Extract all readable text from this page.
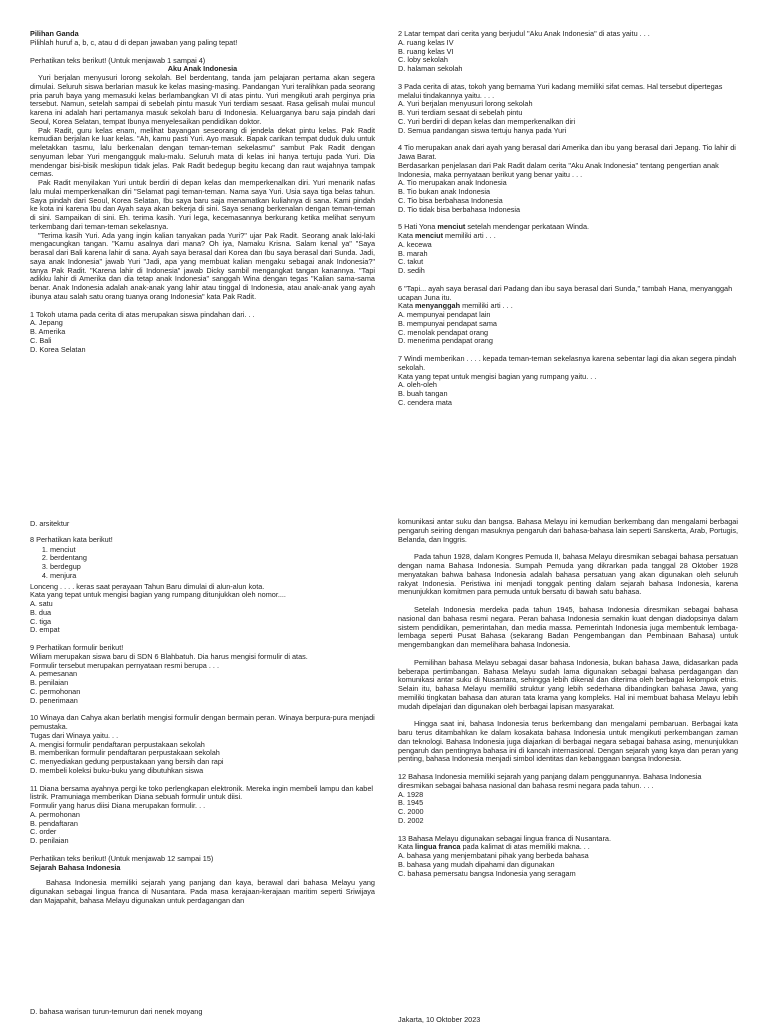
Pilihan Ganda

Pilihlah huruf a, b, c, atau d di depan jawaban yang paling tepat!

Perhatikan teks berikut! (Untuk menjawab 1 sampai 4)

Aku Anak Indonesia

Yuri berjalan menyusuri lorong sekolah. Bel berdentang, tanda jam pelajaran pertama akan segera dimulai. Seluruh siswa berlarian masuk ke kelas masing-masing. Pandangan Yuri teralihkan pada seorang pria paruh baya yang memasuki kelas berlambangkan VI di atas pintu. Yuri mengikuti arah perginya pria tersebut. Namun, setelah sampai di sebelah pintu masuk Yuri terdiam sesaat. Rasa gelisah mulai muncul karena ini adalah hari pertamanya masuk sekolah baru di Indonesia. Keluarganya baru saja pindah dari Seoul, Korea Selatan, tempat Ibunya menyelesaikan pendidikan doktor.

Pak Radit, guru kelas enam, melihat bayangan seseorang di jendela dekat pintu kelas. Pak Radit kemudian berjalan ke luar kelas. "Ah, kamu pasti Yuri. Ayo masuk. Bapak carikan tempat duduk dulu untuk meletakkan tasmu, lalu berkenalan dengan teman-teman sekelasmu" sambut Pak Radit dengan senyuman lebar Yuri mengangguk malu-malu. Seluruh mata di kelas ini hanya tertuju pada Yuri. Dia mendengar bisi-bisik meskipun tidak jelas. Pak Radit bedegup begitu kecang dan raut wajahnya tampak cemas.

Pak Radit menyilakan Yuri untuk berdiri di depan kelas dan memperkenalkan diri. Yuri menarik nafas lalu mulai memperkenalkan diri "Selamat pagi teman-teman. Nama saya Yuri. Usia saya tiga belas tahun. Saya pindah dari Seoul, Korea Selatan, Ibu saya baru saja menamatkan kuliahnya di sana. Kami pindah ke kota ini karena Ibu dan Ayah saya akan bekerja di sini. Saya senang berkenalan dengan teman-teman di sini. Sampaikan di sini. Eh. terima kasih. Yuri lega, kecemasannya berkurang ketika melihat senyum terkembang dari teman-teman sekelasnya.

"Terima kasih Yuri. Ada yang ingin kalian tanyakan pada Yuri?" ujar Pak Radit. Seorang anak laki-laki mengacungkan tangan. "Kamu asalnya dari mana? Oh iya, Namaku Krisna. Salam kenal ya" "Saya berasal dari Bali karena lahir di sana. Ayah saya berasal dari Korea dan Ibu saya berasal dari Sunda. Jadi, saya anak Indonesia" jawab Yuri "Jadi, apa yang membuat kalian mengaku sebagai anak Indonesia?" tanya Pak Radit. "Karena lahir di Indonesia" jawab Dicky sambil mengangkat tangan kanannya. "Tapi adikku lahir di Amerika dan dia tetap anak Indonesia" sanggah Wina dengan tegas "Kalian sama-sama benar. Anak Indonesia adalah anak-anak yang lahir atau tinggal di Indonesia, atau anak-anak yang ayah ibunya atau salah satu orang tuanya orang Indonesia" kata Pak Radit.

1 Tokoh utama pada cerita di atas merupakan siswa pindahan dari. . .

A. Jepang

B. Amerika

C. Bali

D. Korea Selatan

2 Latar tempat dari cerita yang berjudul "Aku Anak Indonesia" di atas yaitu . . .

A. ruang kelas IV

B. ruang kelas VI

C. loby sekolah

D. halaman sekolah

3 Pada cerita di atas, tokoh yang bernama Yuri kadang memiliki sifat cemas. Hal tersebut dipertegas melalui tindakannya yaitu. . . .

A. Yuri berjalan menyusuri lorong sekolah

B. Yuri terdiam sesaat di sebelah pintu

C. Yuri berdiri di depan kelas dan memperkenalkan diri

D. Semua pandangan siswa tertuju hanya pada Yuri

4 Tio merupakan anak dari ayah yang berasal dari Amerika dan ibu yang berasal dari Jepang. Tio lahir di Jawa Barat.

Berdasarkan penjelasan dari Pak Radit dalam cerita "Aku Anak Indonesia" tentang pengertian anak Indonesia, maka pernyataan berikut yang benar yaitu . . .

A. Tio merupakan anak Indonesia

B. Tio bukan anak Indonesia

C. Tio bisa berbahasa Indonesia

D. Tio tidak bisa berbahasa Indonesia

5 Hati Yona menciut setelah mendengar perkataan Winda.

Kata menciut memiliki arti . . .

A. kecewa

B. marah

C. takut

D. sedih

6 "Tapi... ayah saya berasal dari Padang dan ibu saya berasal dari Sunda," tambah Hana, menyanggah ucapan Juna itu.

Kata menyanggah memiliki arti . . .

A. mempunyai pendapat lain

B. mempunyai pendapat sama

C. menolak pendapat orang

D. menerima pendapat orang

7 Windi memberikan . . . . kepada teman-teman sekelasnya karena sebentar lagi dia akan segera pindah sekolah.

Kata yang tepat untuk mengisi bagian yang rumpang yaitu. . .

A. oleh-oleh

B. buah tangan

C. cendera mata

D. arsitektur

8 Perhatikan kata berikut!

1. menciut
2. berdentang
3. berdegup
4. menjura

Lonceng . . . . keras saat perayaan Tahun Baru dimulai di alun-alun kota.

Kata yang tepat untuk mengisi bagian yang rumpang ditunjukkan oleh nomor....

A. satu

B. dua

C. tiga

D. empat

9 Perhatikan formulir berikut!

Wiliam merupakan siswa baru di SDN 6 Blahbatuh. Dia harus mengisi formulir di atas.

Formulir tersebut merupakan pernyataan resmi berupa . . .

A. pemesanan

B. penilaian

C. permohonan

D. penerimaan

10 Winaya dan Cahya akan berlatih mengisi formulir dengan bermain peran. Winaya berpura-pura menjadi pemustaka.

Tugas dari Winaya yaitu. . .

A. mengisi formulir pendaftaran perpustakaan sekolah

B. memberikan formulir pendaftaran perpustakaan sekolah

C. menyediakan gedung perpustakaan yang bersih dan rapi

D. membeli koleksi buku-buku yang dibutuhkan siswa

11 Diana bersama ayahnya pergi ke toko perlengkapan elektronik. Mereka ingin membeli lampu dan kabel listrik. Pramuniaga memberikan Diana sebuah formulir untuk diisi.

Formulir yang harus diisi Diana merupakan formulir. . .

A. permohonan

B. pendaftaran

C. order

D. penilaian

Perhatikan teks berikut! (Untuk menjawab 12 sampai 15)

Sejarah Bahasa Indonesia

Bahasa Indonesia memiliki sejarah yang panjang dan kaya, berawal dari bahasa Melayu yang digunakan sebagai lingua franca di Nusantara. Pada masa kerajaan-kerajaan maritim seperti Sriwijaya dan Majapahit, bahasa Melayu digunakan untuk perdagangan dan

komunikasi antar suku dan bangsa. Bahasa Melayu ini kemudian berkembang dan mengalami berbagai pengaruh seiring dengan masuknya pengaruh dari bahasa-bahasa lain seperti Sanskerta, Arab, Portugis, Belanda, dan Inggris.

Pada tahun 1928, dalam Kongres Pemuda II, bahasa Melayu diresmikan sebagai bahasa persatuan dengan nama Bahasa Indonesia. Sumpah Pemuda yang dikrarkan pada tanggal 28 Oktober 1928 menyatakan bahwa bahasa Indonesia adalah bahasa persatuan yang akan digunakan oleh seluruh rakyat Indonesia. Peristiwa ini menjadi tonggak penting dalam sejarah bahasa Indonesia, karena menunjukkan komitmen para pemuda untuk bersatu di bawah satu bahasa.

Setelah Indonesia merdeka pada tahun 1945, bahasa Indonesia diresmikan sebagai bahasa nasional dan bahasa resmi negara. Peran bahasa Indonesia semakin kuat dengan diadopsinya dalam sistem pendidikan, pemerintahan, dan media massa. Pemerintah Indonesia juga membentuk lembaga-lembaga seperti Pusat Bahasa (sekarang Badan Pengembangan dan Pembinaan Bahasa) untuk mengembangkan dan memelihara bahasa Indonesia.

Pemilihan bahasa Melayu sebagai dasar bahasa Indonesia, bukan bahasa Jawa, didasarkan pada beberapa pertimbangan. Bahasa Melayu sudah lama digunakan sebagai bahasa perdagangan dan komunikasi antar suku di Nusantara, sehingga lebih dikenal dan diterima oleh berbagai kelompok etnis. Selain itu, bahasa Melayu memiliki struktur yang lebih sederhana dibandingkan bahasa Jawa, yang memiliki tingkatan bahasa dan aturan tata krama yang kompleks. Hal ini membuat bahasa Melayu lebih mudah dipelajari dan digunakan oleh berbagai lapisan masyarakat.

Hingga saat ini, bahasa Indonesia terus berkembang dan mengalami pembaruan. Berbagai kata baru terus ditambahkan ke dalam kosakata bahasa Indonesia untuk mengikuti perkembangan zaman dan teknologi. Bahasa Indonesia juga diajarkan di berbagai negara sebagai bahasa asing, menunjukkan pengaruh dan pentingnya bahasa ini di kancah internasional. Dengan sejarah yang kaya dan peran yang penting, bahasa Indonesia menjadi simbol identitas dan kebanggaan bangsa Indonesia.

12 Bahasa Indonesia memiliki sejarah yang panjang dalam penggunannya. Bahasa Indonesia diresmikan sebagai bahasa nasional dan bahasa resmi negara pada tahun. . . .

A. 1928

B. 1945

C. 2000

D. 2002

13 Bahasa Melayu digunakan sebagai lingua franca di Nusantara.

Kata lingua franca pada kalimat di atas memiliki makna. . .

A. bahasa yang menjembatani pihak yang berbeda bahasa

B. bahasa yang mudah dipahami dan digunakan

C. bahasa pemersatu bangsa Indonesia yang seragam

D. bahasa warisan turun-temurun dari nenek moyang

Jakarta, 10 Oktober 2023
